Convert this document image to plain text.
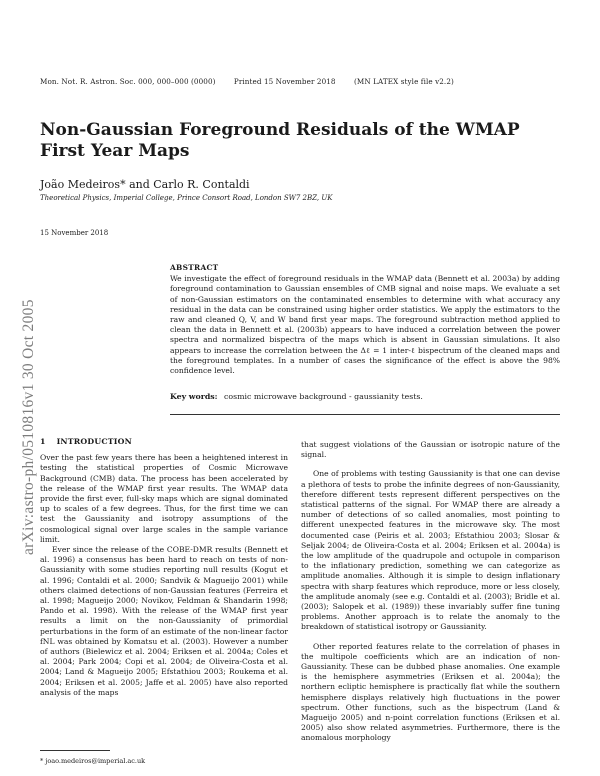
Mon. Not. R. Astron. Soc. 000, 000–000 (0000)	Printed 15 November 2018	(MN LATEX style file v2.2)
arXiv:astro-ph/0510816v1 30 Oct 2005
Non-Gaussian Foreground Residuals of the WMAP First Year Maps
João Medeiros* and Carlo R. Contaldi
Theoretical Physics, Imperial College, Prince Consort Road, London SW7 2BZ, UK
15 November 2018
ABSTRACT

We investigate the effect of foreground residuals in the WMAP data (Bennett et al. 2003a) by adding foreground contamination to Gaussian ensembles of CMB signal and noise maps. We evaluate a set of non-Gaussian estimators on the contaminated ensembles to determine with what accuracy any residual in the data can be constrained using higher order statistics. We apply the estimators to the raw and cleaned Q, V, and W band first year maps. The foreground subtraction method applied to clean the data in Bennett et al. (2003b) appears to have induced a correlation between the power spectra and normalized bispectra of the maps which is absent in Gaussian simulations. It also appears to increase the correlation between the Δℓ = 1 inter-ℓ bispectrum of the cleaned maps and the foreground templates. In a number of cases the significance of the effect is above the 98% confidence level.

Key words: cosmic microwave background - gaussianity tests.
1 INTRODUCTION

Over the past few years there has been a heightened interest in testing the statistical properties of Cosmic Microwave Background (CMB) data. The process has been accelerated by the release of the WMAP first year results. The WMAP data provide the first ever, full-sky maps which are signal dominated up to scales of a few degrees. Thus, for the first time we can test the Gaussianity and isotropy assumptions of the cosmological signal over large scales in the sample variance limit.

Ever since the release of the COBE-DMR results (Bennett et al. 1996) a consensus has been hard to reach on tests of non-Gaussianity with some studies reporting null results (Kogut et al. 1996; Contaldi et al. 2000; Sandvik & Magueijo 2001) while others claimed detections of non-Gaussian features (Ferreira et al. 1998; Magueijo 2000; Novikov, Feldman & Shandarin 1998; Pando et al. 1998). With the release of the WMAP first year results a limit on the non-Gaussianity of primordial perturbations in the form of an estimate of the non-linear factor fNL was obtained by Komatsu et al. (2003). However a number of authors (Bielewicz et al. 2004; Eriksen et al. 2004a; Coles et al. 2004; Park 2004; Copi et al. 2004; de Oliveira-Costa et al. 2004; Land & Magueijo 2005; Efstathiou 2003; Roukema et al. 2004; Eriksen et al. 2005; Jaffe et al. 2005) have also reported analysis of the maps

that suggest violations of the Gaussian or isotropic nature of the signal.

One of problems with testing Gaussianity is that one can devise a plethora of tests to probe the infinite degrees of non-Gaussianity, therefore different tests represent different perspectives on the statistical patterns of the signal. For WMAP there are already a number of detections of so called anomalies, most pointing to different unexpected features in the microwave sky. The most documented case (Peiris et al. 2003; Efstathiou 2003; Slosar & Seljak 2004; de Oliveira-Costa et al. 2004; Eriksen et al. 2004a) is the low amplitude of the quadrupole and octupole in comparison to the inflationary prediction, something we can categorize as amplitude anomalies. Although it is simple to design inflationary spectra with sharp features which reproduce, more or less closely, the amplitude anomaly (see e.g. Contaldi et al. (2003); Bridle et al. (2003); Salopek et al. (1989)) these invariably suffer fine tuning problems. Another approach is to relate the anomaly to the breakdown of statistical isotropy or Gaussianity.

Other reported features relate to the correlation of phases in the multipole coefficients which are an indication of non-Gaussianity. These can be dubbed phase anomalies. One example is the hemisphere asymmetries (Eriksen et al. 2004a); the northern ecliptic hemisphere is practically flat while the southern hemisphere displays relatively high fluctuations in the power spectrum. Other functions, such as the bispectrum (Land & Magueijo 2005) and n-point correlation functions (Eriksen et al. 2005) also show related asymmetries. Furthermore, there is the anomalous morphology

* joao.medeiros@imperial.ac.uk
